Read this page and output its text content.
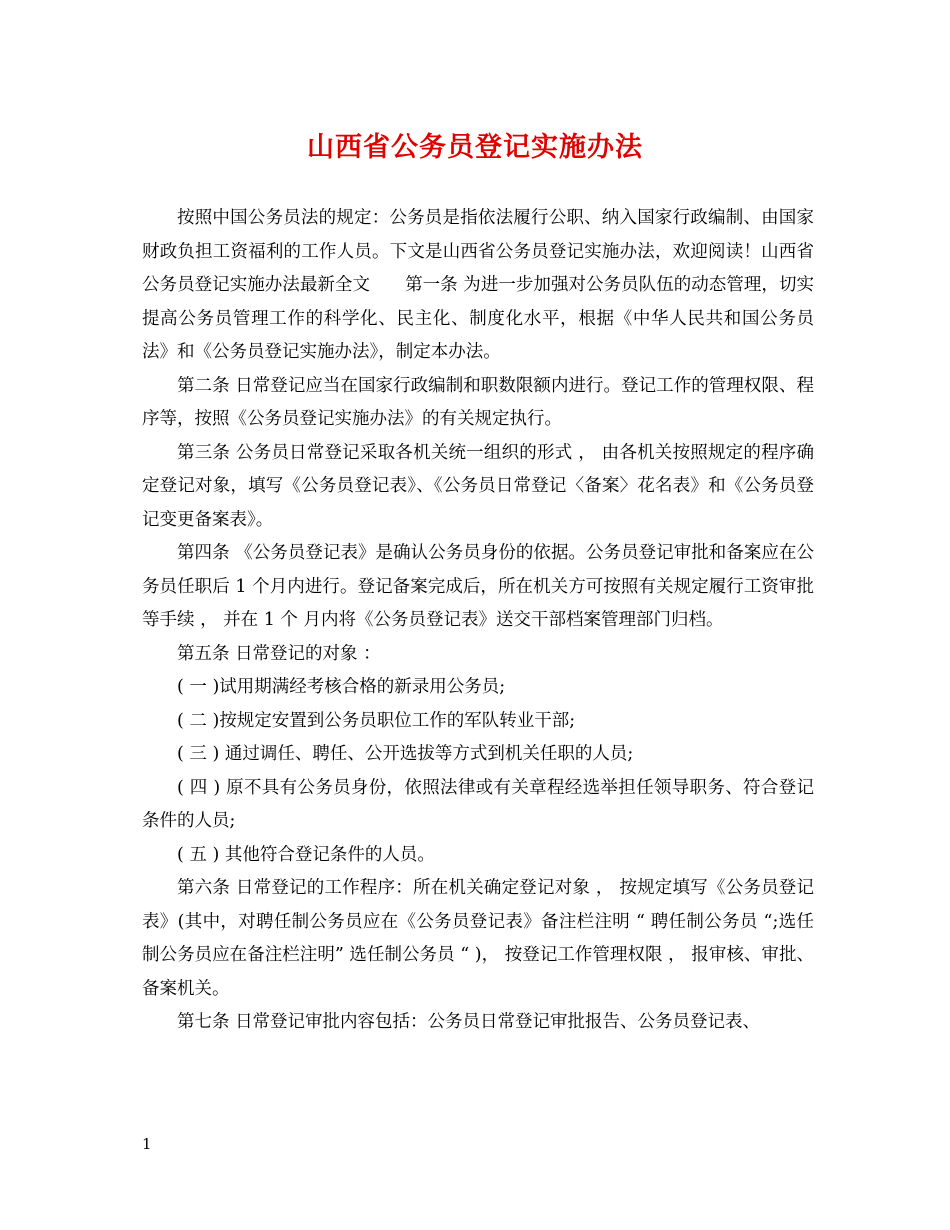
山西省公务员登记实施办法

按照中国公务员法的规定：公务员是指依法履行公职、纳入国家行政编制、由国家财政负担工资福利的工作人员。下文是山西省公务员登记实施办法，欢迎阅读！山西省公务员登记实施办法最新全文　　第一条 为进一步加强对公务员队伍的动态管理，切实提高公务员管理工作的科学化、民主化、制度化水平，根据《中华人民共和国公务员法》和《公务员登记实施办法》，制定本办法。

第二条 日常登记应当在国家行政编制和职数限额内进行。登记工作的管理权限、程序等，按照《公务员登记实施办法》的有关规定执行。

第三条 公务员日常登记采取各机关统一组织的形式 ， 由各机关按照规定的程序确定登记对象，填写《公务员登记表》、《公务员日常登记〈备案〉花名表》和《公务员登记变更备案表》。

第四条 《公务员登记表》是确认公务员身份的依据。公务员登记审批和备案应在公务员任职后 1 个月内进行。登记备案完成后，所在机关方可按照有关规定履行工资审批等手续 ， 并在 1 个 月内将《公务员登记表》送交干部档案管理部门归档。

第五条 日常登记的对象 ：

( 一 )试用期满经考核合格的新录用公务员;

( 二 )按规定安置到公务员职位工作的军队转业干部;

( 三 ) 通过调任、聘任、公开选拔等方式到机关任职的人员;

( 四 ) 原不具有公务员身份，依照法律或有关章程经选举担任领导职务、符合登记条件的人员;

( 五 ) 其他符合登记条件的人员。

第六条 日常登记的工作程序：所在机关确定登记对象 ， 按规定填写《公务员登记表》(其中，对聘任制公务员应在《公务员登记表》备注栏注明 “ 聘任制公务员 “;选任制公务员应在备注栏注明” 选任制公务员 “ )， 按登记工作管理权限 ， 报审核、审批、备案机关。

第七条 日常登记审批内容包括：公务员日常登记审批报告、公务员登记表、

1
